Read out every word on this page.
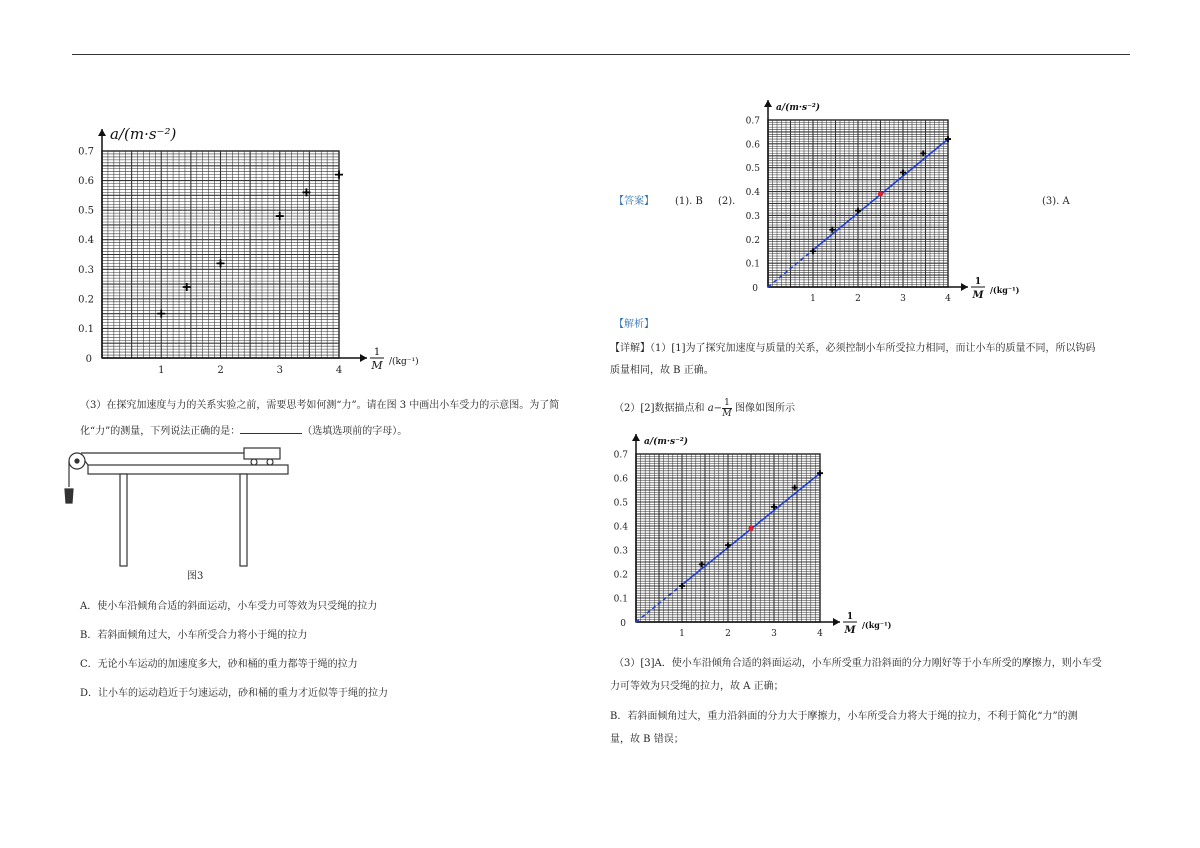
0.1
0.2
0.3
0.4
0.5
0.6
0.7
1	2	3	4
0
a/(m·s⁻²)
1
M /(kg⁻¹)
（3）在探究加速度与力的关系实验之前，需要思考如何测“力”。请在图 3 中画出小车受力的示意图。为了简
化“力”的测量，下列说法正确的是：	（选填选项前的字母）。
图3
A．使小车沿倾角合适的斜面运动，小车受力可等效为只受绳的拉力
B．若斜面倾角过大，小车所受合力将小于绳的拉力
C．无论小车运动的加速度多大，砂和桶的重力都等于绳的拉力
D．让小车的运动趋近于匀速运动，砂和桶的重力才近似等于绳的拉力
【答案】 (1). B (2).	(3). A
0.1
0.2
0.3
0.4
0.5
0.6
0.7
1	2	3	4
0
a/(m·s⁻²)
1
M /(kg⁻¹)
【解析】
【详解】（1）[1]为了探究加速度与质量的关系，必须控制小车所受拉力相同，而让小车的质量不同，所以钩码
质量相同，故 B 正确。
（2）[2]数据描点和 $a- \frac{1}{M}$ 图像如图所示
0.1
0.2
0.3
0.4
0.5
0.6
0.7
1	2	3	4
0
a/(m·s⁻²)
1
M /(kg⁻¹)
（3）[3]A．使小车沿倾角合适的斜面运动，小车所受重力沿斜面的分力刚好等于小车所受的摩擦力，则小车受
力可等效为只受绳的拉力，故 A 正确；
B．若斜面倾角过大，重力沿斜面的分力大于摩擦力，小车所受合力将大于绳的拉力，不利于简化“力”的测
量，故 B 错误；
